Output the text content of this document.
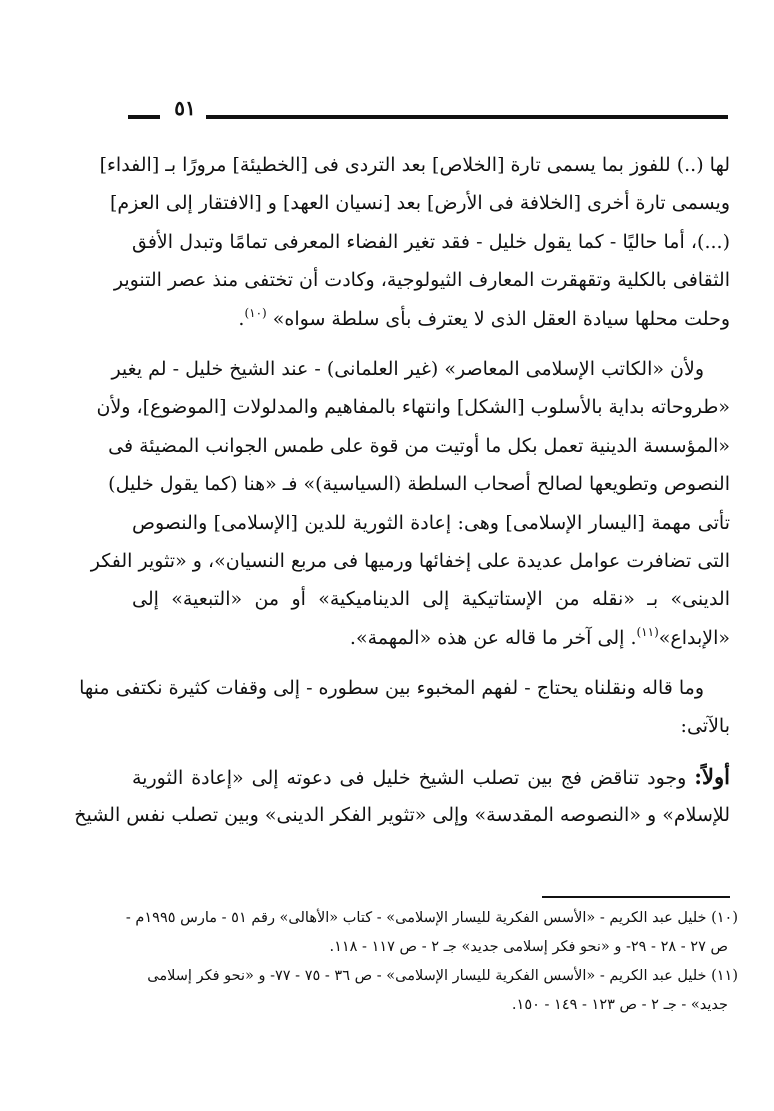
٥١
لها (..) للفوز بما يسمى تارة [الخلاص] بعد التردى فى [الخطيئة] مرورًا بـ [الفداء]
ويسمى تارة أخرى [الخلافة فى الأرض] بعد [نسيان العهد] و [الافتقار إلى العزم]
(...)، أما حاليًا - كما يقول خليل - فقد تغير الفضاء المعرفى تمامًا وتبدل الأفق
الثقافى بالكلية وتقهقرت المعارف الثيولوجية، وكادت أن تختفى منذ عصر التنوير
وحلت محلها سيادة العقل الذى لا يعترف بأى سلطة سواه» $^{(١٠)}$.
ولأن «الكاتب الإسلامى المعاصر» (غير العلمانى) - عند الشيخ خليل - لم يغير
«طروحاته بداية بالأسلوب [الشكل] وانتهاء بالمفاهيم والمدلولات [الموضوع]، ولأن
«المؤسسة الدينية تعمل بكل ما أوتيت من قوة على طمس الجوانب المضيئة فى
النصوص وتطويعها لصالح أصحاب السلطة (السياسية)» فـ «هنا (كما يقول خليل)
تأتى مهمة [اليسار الإسلامى] وهى: إعادة الثورية للدين [الإسلامى] والنصوص
التى تضافرت عوامل عديدة على إخفائها ورميها فى مربع النسيان»، و «تثوير الفكر
الدينى» بـ «نقله من الإستاتيكية إلى الديناميكية» أو من «التبعية» إلى
«الإبداع»$^{(١١)}$. إلى آخر ما قاله عن هذه «المهمة».
وما قاله ونقلناه يحتاج - لفهم المخبوء بين سطوره - إلى وقفات كثيرة نكتفى منها
بالآتى:
أولاً: وجود تناقض فج بين تصلب الشيخ خليل فى دعوته إلى «إعادة الثورية
للإسلام» و «النصوصه المقدسة» وإلى «تثوير الفكر الدينى» وبين تصلب نفس الشيخ
(١٠) خليل عبد الكريم - «الأسس الفكرية لليسار الإسلامى» - كتاب «الأهالى» رقم ٥١ - مارس ١٩٩٥م -
ص ٢٧ - ٢٨ - ٢٩- و «نحو فكر إسلامى جديد» جـ ٢ - ص ١١٧ - ١١٨.
(١١) خليل عبد الكريم - «الأسس الفكرية لليسار الإسلامى» - ص ٣٦ - ٧٥ - ٧٧- و «نحو فكر إسلامى
جديد» - جـ ٢ - ص ١٢٣ - ١٤٩ - ١٥٠.
